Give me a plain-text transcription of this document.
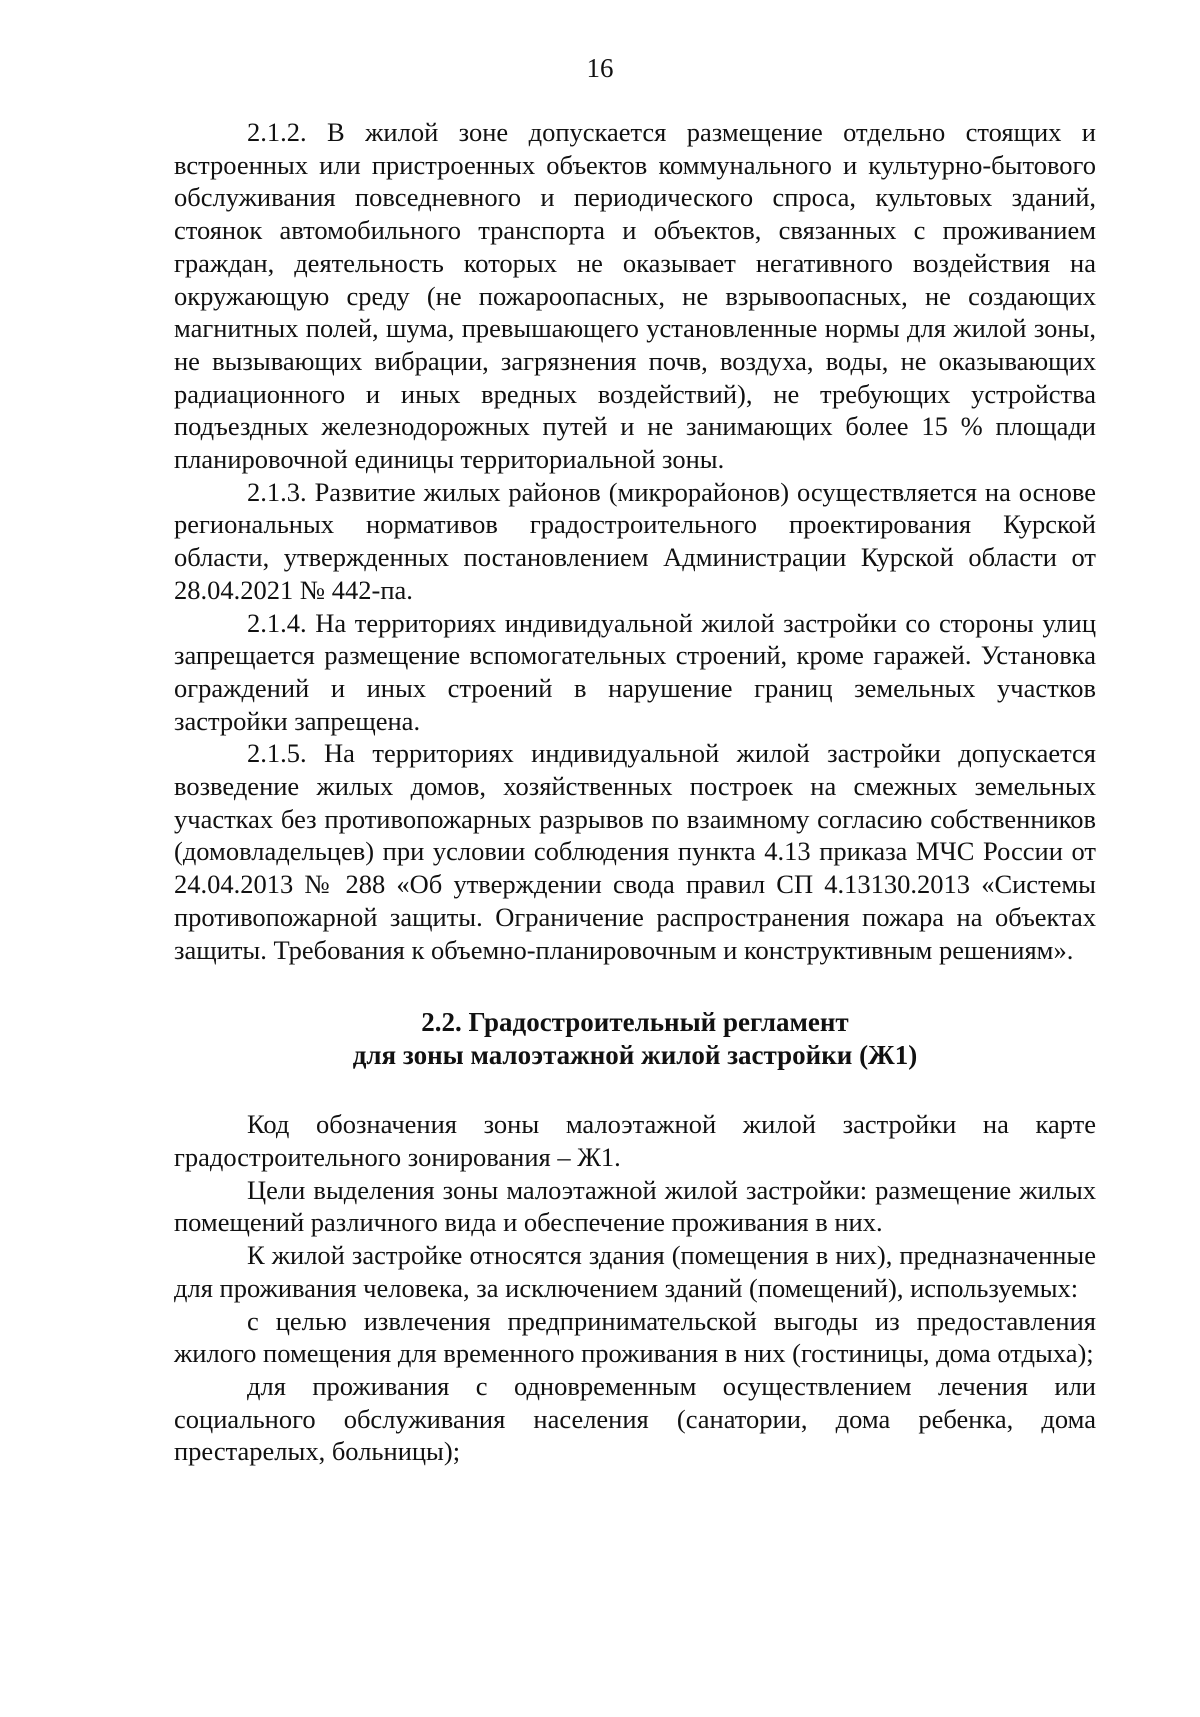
16

2.1.2. В жилой зоне допускается размещение отдельно стоящих и встроенных или пристроенных объектов коммунального и культурно-бытового обслуживания повседневного и периодического спроса, культовых зданий, стоянок автомобильного транспорта и объектов, связанных с проживанием граждан, деятельность которых не оказывает негативного воздействия на окружающую среду (не пожароопасных, не взрывоопасных, не создающих магнитных полей, шума, превышающего установленные нормы для жилой зоны, не вызывающих вибрации, загрязнения почв, воздуха, воды, не оказывающих радиационного и иных вредных воздействий), не требующих устройства подъездных железнодорожных путей и не занимающих более 15 % площади планировочной единицы территориальной зоны.

2.1.3. Развитие жилых районов (микрорайонов) осуществляется на основе региональных нормативов градостроительного проектирования Курской области, утвержденных постановлением Администрации Курской области от 28.04.2021 № 442-па.

2.1.4. На территориях индивидуальной жилой застройки со стороны улиц запрещается размещение вспомогательных строений, кроме гаражей. Установка ограждений и иных строений в нарушение границ земельных участков застройки запрещена.

2.1.5. На территориях индивидуальной жилой застройки допускается возведение жилых домов, хозяйственных построек на смежных земельных участках без противопожарных разрывов по взаимному согласию собственников (домовладельцев) при условии соблюдения пункта 4.13 приказа МЧС России от 24.04.2013 № 288 «Об утверждении свода правил СП 4.13130.2013 «Системы противопожарной защиты. Ограничение распространения пожара на объектах защиты. Требования к объемно-планировочным и конструктивным решениям».

2.2. Градостроительный регламент
для зоны малоэтажной жилой застройки (Ж1)

Код обозначения зоны малоэтажной жилой застройки на карте градостроительного зонирования – Ж1.

Цели выделения зоны малоэтажной жилой застройки: размещение жилых помещений различного вида и обеспечение проживания в них.

К жилой застройке относятся здания (помещения в них), предназначенные для проживания человека, за исключением зданий (помещений), используемых:

с целью извлечения предпринимательской выгоды из предоставления жилого помещения для временного проживания в них (гостиницы, дома отдыха);

для проживания с одновременным осуществлением лечения или социального обслуживания населения (санатории, дома ребенка, дома престарелых, больницы);
